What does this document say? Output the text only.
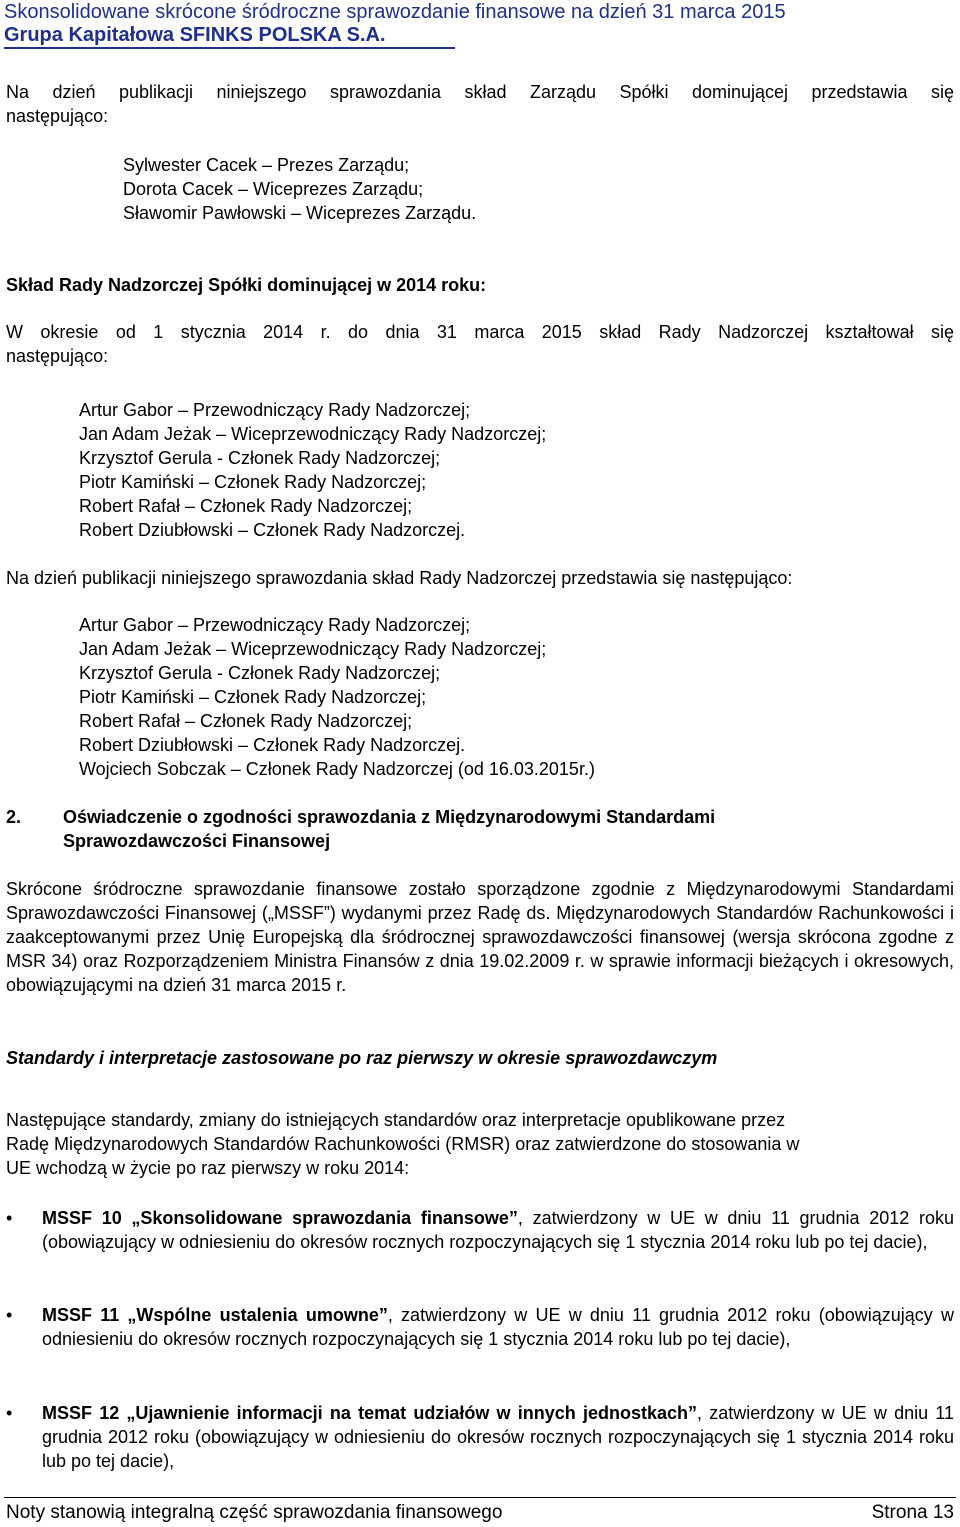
Skonsolidowane skrócone śródroczne sprawozdanie finansowe na dzień 31 marca 2015
Grupa Kapitałowa SFINKS POLSKA S.A.
Na dzień publikacji niniejszego sprawozdania skład Zarządu Spółki dominującej przedstawia się
następująco:
Sylwester Cacek – Prezes Zarządu;
Dorota Cacek – Wiceprezes Zarządu;
Sławomir Pawłowski – Wiceprezes Zarządu.
Skład Rady Nadzorczej Spółki dominującej w 2014 roku:
W okresie od 1 stycznia 2014 r. do dnia 31 marca 2015 skład Rady Nadzorczej kształtował się
następująco:
Artur Gabor – Przewodniczący Rady Nadzorczej;
Jan Adam Jeżak – Wiceprzewodniczący Rady Nadzorczej;
Krzysztof Gerula - Członek Rady Nadzorczej;
Piotr Kamiński – Członek Rady Nadzorczej;
Robert Rafał – Członek Rady Nadzorczej;
Robert Dziubłowski – Członek Rady Nadzorczej.
Na dzień publikacji niniejszego sprawozdania skład Rady Nadzorczej przedstawia się następująco:
Artur Gabor – Przewodniczący Rady Nadzorczej;
Jan Adam Jeżak – Wiceprzewodniczący Rady Nadzorczej;
Krzysztof Gerula - Członek Rady Nadzorczej;
Piotr Kamiński – Członek Rady Nadzorczej;
Robert Rafał – Członek Rady Nadzorczej;
Robert Dziubłowski – Członek Rady Nadzorczej.
Wojciech Sobczak – Członek Rady Nadzorczej (od 16.03.2015r.)
2. Oświadczenie o zgodności sprawozdania z Międzynarodowymi Standardami
Sprawozdawczości Finansowej
Skrócone śródroczne sprawozdanie finansowe zostało sporządzone zgodnie z Międzynarodowymi Standardami Sprawozdawczości Finansowej („MSSF”) wydanymi przez Radę ds. Międzynarodowych Standardów Rachunkowości i zaakceptowanymi przez Unię Europejską dla śródrocznej sprawozdawczości finansowej (wersja skrócona zgodne z MSR 34) oraz Rozporządzeniem Ministra Finansów z dnia 19.02.2009 r. w sprawie informacji bieżących i okresowych, obowiązującymi na dzień 31 marca 2015 r.
Standardy i interpretacje zastosowane po raz pierwszy w okresie sprawozdawczym
Następujące standardy, zmiany do istniejących standardów oraz interpretacje opublikowane przez
Radę Międzynarodowych Standardów Rachunkowości (RMSR) oraz zatwierdzone do stosowania w
UE wchodzą w życie po raz pierwszy w roku 2014:
• MSSF 10 „Skonsolidowane sprawozdania finansowe”, zatwierdzony w UE w dniu 11 grudnia 2012 roku (obowiązujący w odniesieniu do okresów rocznych rozpoczynających się 1 stycznia 2014 roku lub po tej dacie),
• MSSF 11 „Wspólne ustalenia umowne”, zatwierdzony w UE w dniu 11 grudnia 2012 roku (obowiązujący w odniesieniu do okresów rocznych rozpoczynających się 1 stycznia 2014 roku lub po tej dacie),
• MSSF 12 „Ujawnienie informacji na temat udziałów w innych jednostkach”, zatwierdzony w UE w dniu 11 grudnia 2012 roku (obowiązujący w odniesieniu do okresów rocznych rozpoczynających się 1 stycznia 2014 roku lub po tej dacie),
Noty stanowią integralną część sprawozdania finansowego	Strona 13
